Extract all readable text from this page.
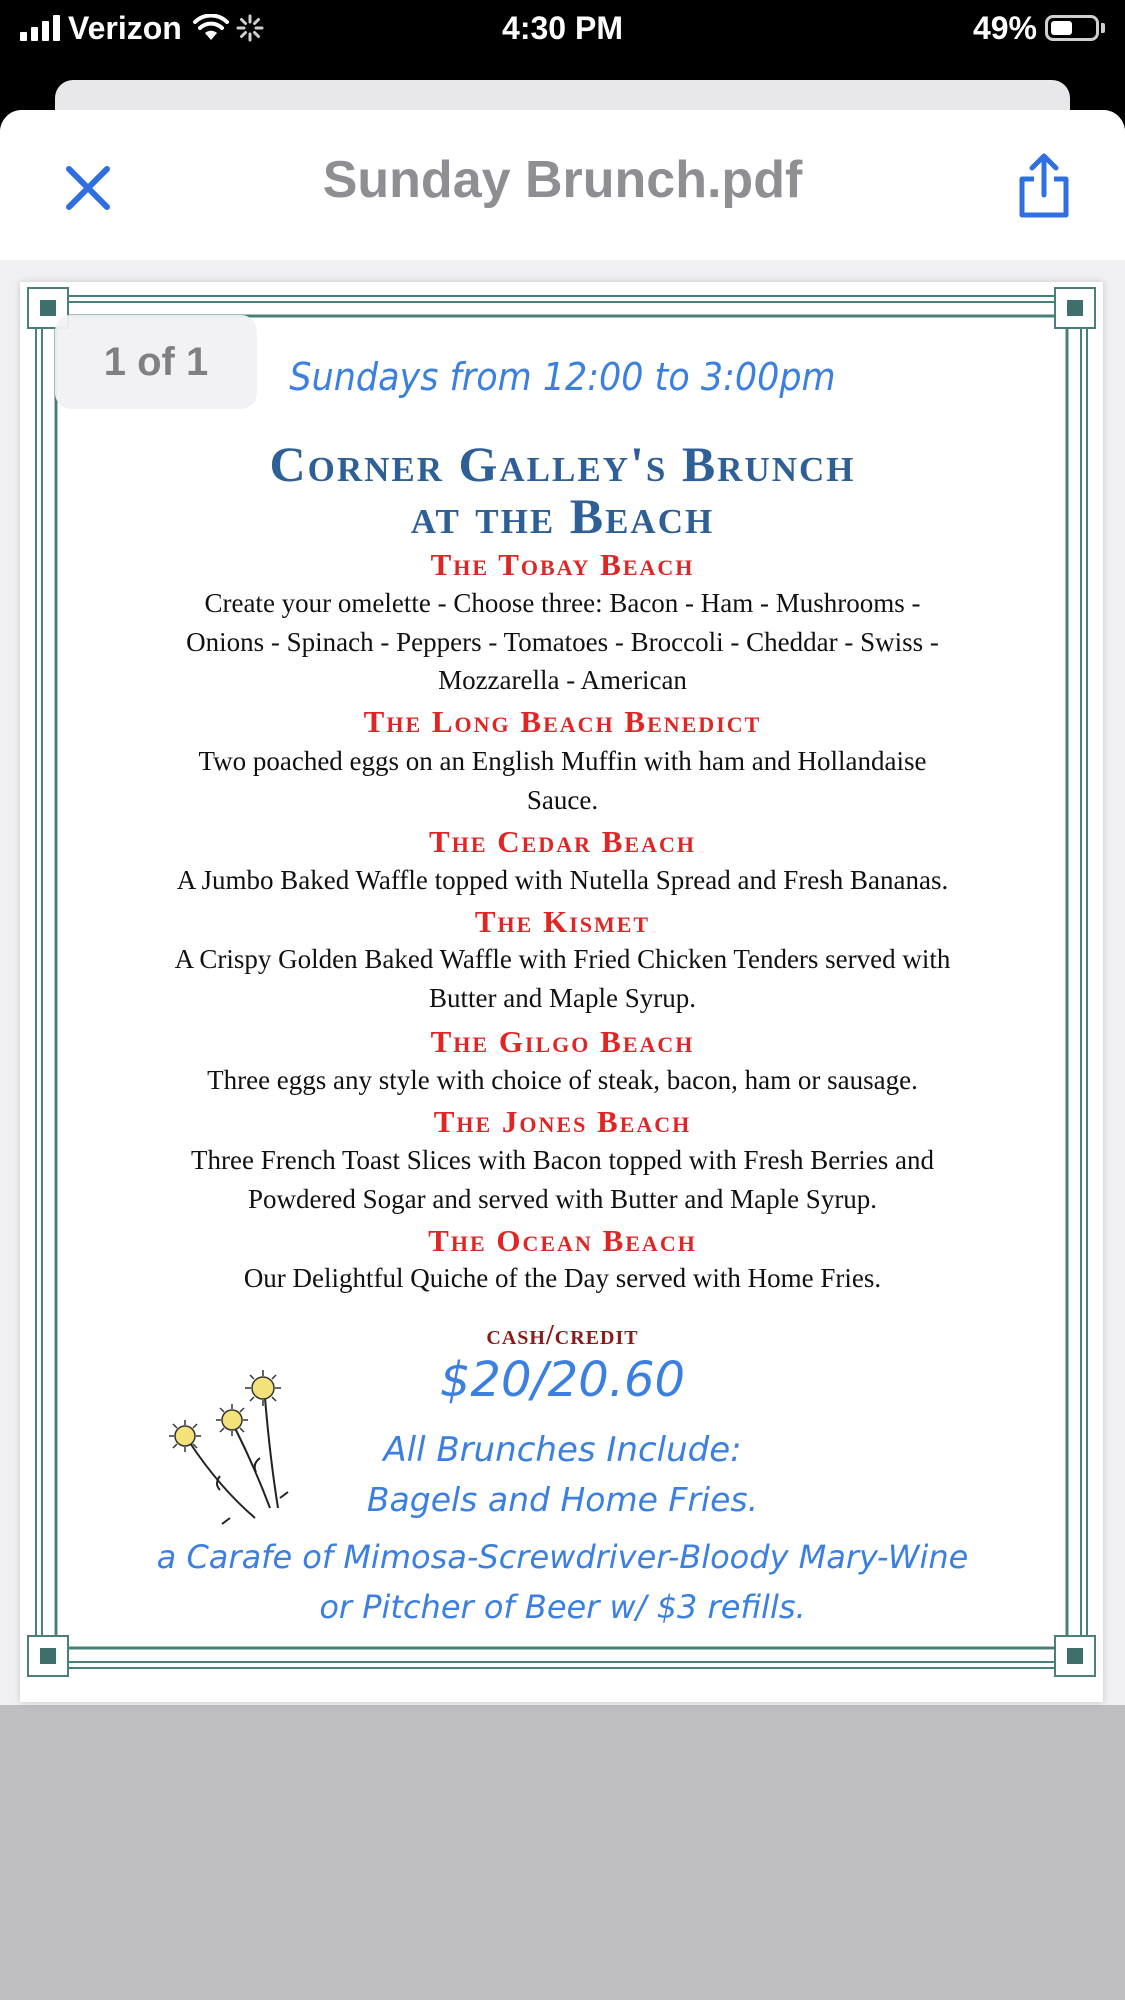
Verizon	4:30 PM	49%
Sunday Brunch.pdf
1 of 1	Sundays from 12:00 to 3:00pm
Corner Galley's Brunch
at the Beach
The Tobay Beach
Create your omelette - Choose three: Bacon - Ham - Mushrooms - Onions - Spinach - Peppers - Tomatoes - Broccoli - Cheddar - Swiss - Mozzarella - American
The Long Beach Benedict
Two poached eggs on an English Muffin with ham and Hollandaise Sauce.
The Cedar Beach
A Jumbo Baked Waffle topped with Nutella Spread and Fresh Bananas.
The Kismet
A Crispy Golden Baked Waffle with Fried Chicken Tenders served with Butter and Maple Syrup.
The Gilgo Beach
Three eggs any style with choice of steak, bacon, ham or sausage.
The Jones Beach
Three French Toast Slices with Bacon topped with Fresh Berries and Powdered Sogar and served with Butter and Maple Syrup.
The Ocean Beach
Our Delightful Quiche of the Day served with Home Fries.
cash/credit
$20/20.60
All Brunches Include:
Bagels and Home Fries.
a Carafe of Mimosa-Screwdriver-Bloody Mary-Wine
or Pitcher of Beer w/ $3 refills.
